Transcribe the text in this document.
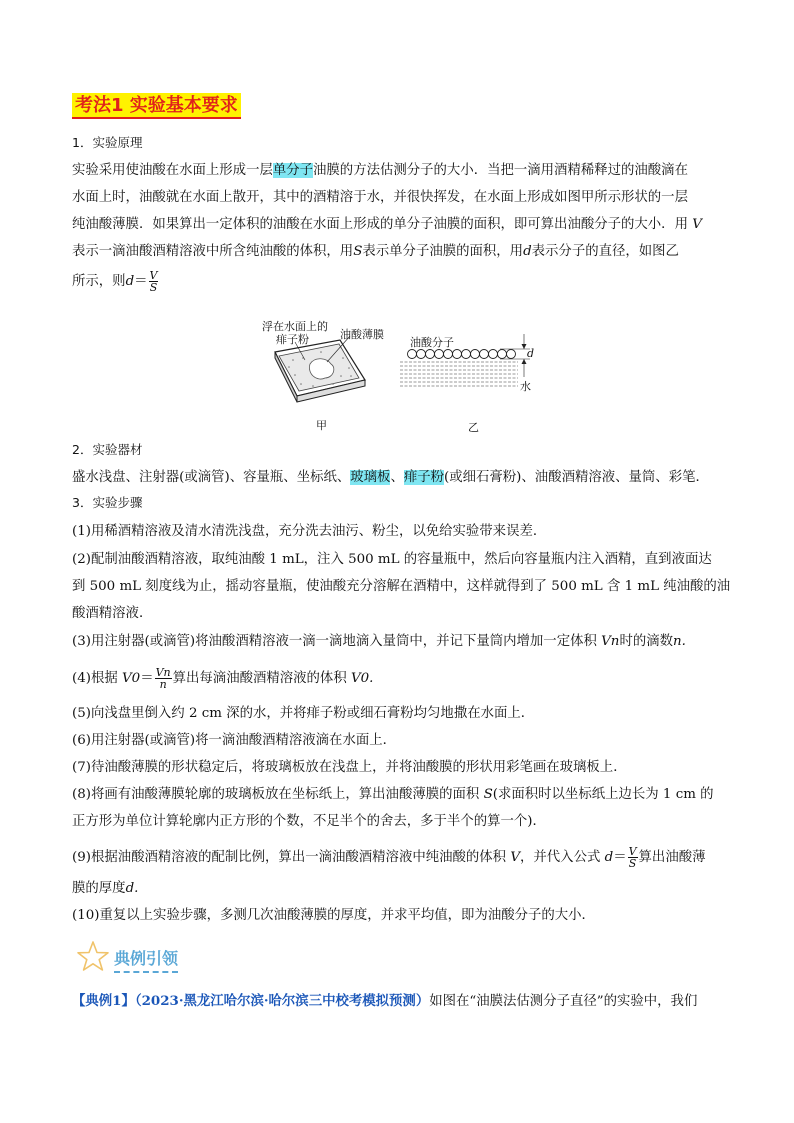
考法1 实验基本要求
1．实验原理
实验采用使油酸在水面上形成一层单分子油膜的方法估测分子的大小．当把一滴用酒精稀释过的油酸滴在
水面上时，油酸就在水面上散开，其中的酒精溶于水，并很快挥发，在水面上形成如图甲所示形状的一层
纯油酸薄膜．如果算出一定体积的油酸在水面上形成的单分子油膜的面积，即可算出油酸分子的大小．用 V
表示一滴油酸酒精溶液中所含纯油酸的体积，用S表示单分子油膜的面积，用d表示分子的直径，如图乙
所示，则$d= \frac{V}{S}$
浮在水面上的
痱子粉	油酸薄膜
甲
油酸分子
d
水
乙
2．实验器材
盛水浅盘、注射器(或滴管)、容量瓶、坐标纸、玻璃板、痱子粉(或细石膏粉)、油酸酒精溶液、量筒、彩笔．
3．实验步骤
(1)用稀酒精溶液及清水清洗浅盘，充分洗去油污、粉尘，以免给实验带来误差．
(2)配制油酸酒精溶液，取纯油酸 1 mL，注入 500 mL 的容量瓶中，然后向容量瓶内注入酒精，直到液面达
到 500 mL 刻度线为止，摇动容量瓶，使油酸充分溶解在酒精中，这样就得到了 500 mL 含 1 mL 纯油酸的油
酸酒精溶液．
(3)用注射器(或滴管)将油酸酒精溶液一滴一滴地滴入量筒中，并记下量筒内增加一定体积 Vn时的滴数n.
(4)根据 $V0= \frac{Vn}{n}$ 算出每滴油酸酒精溶液的体积 V0.
(5)向浅盘里倒入约 2 cm 深的水，并将痱子粉或细石膏粉均匀地撒在水面上．
(6)用注射器(或滴管)将一滴油酸酒精溶液滴在水面上．
(7)待油酸薄膜的形状稳定后，将玻璃板放在浅盘上，并将油酸膜的形状用彩笔画在玻璃板上．
(8)将画有油酸薄膜轮廓的玻璃板放在坐标纸上，算出油酸薄膜的面积 S(求面积时以坐标纸上边长为 1 cm 的
正方形为单位计算轮廓内正方形的个数，不足半个的舍去，多于半个的算一个)．
(9)根据油酸酒精溶液的配制比例，算出一滴油酸酒精溶液中纯油酸的体积 V，并代入公式 $d= \frac{V}{S}$ 算出油酸薄
膜的厚度d.
(10)重复以上实验步骤，多测几次油酸薄膜的厚度，并求平均值，即为油酸分子的大小．
典例引领
【典例1】（2023·黑龙江哈尔滨·哈尔滨三中校考模拟预测）如图在“油膜法估测分子直径”的实验中，我们
